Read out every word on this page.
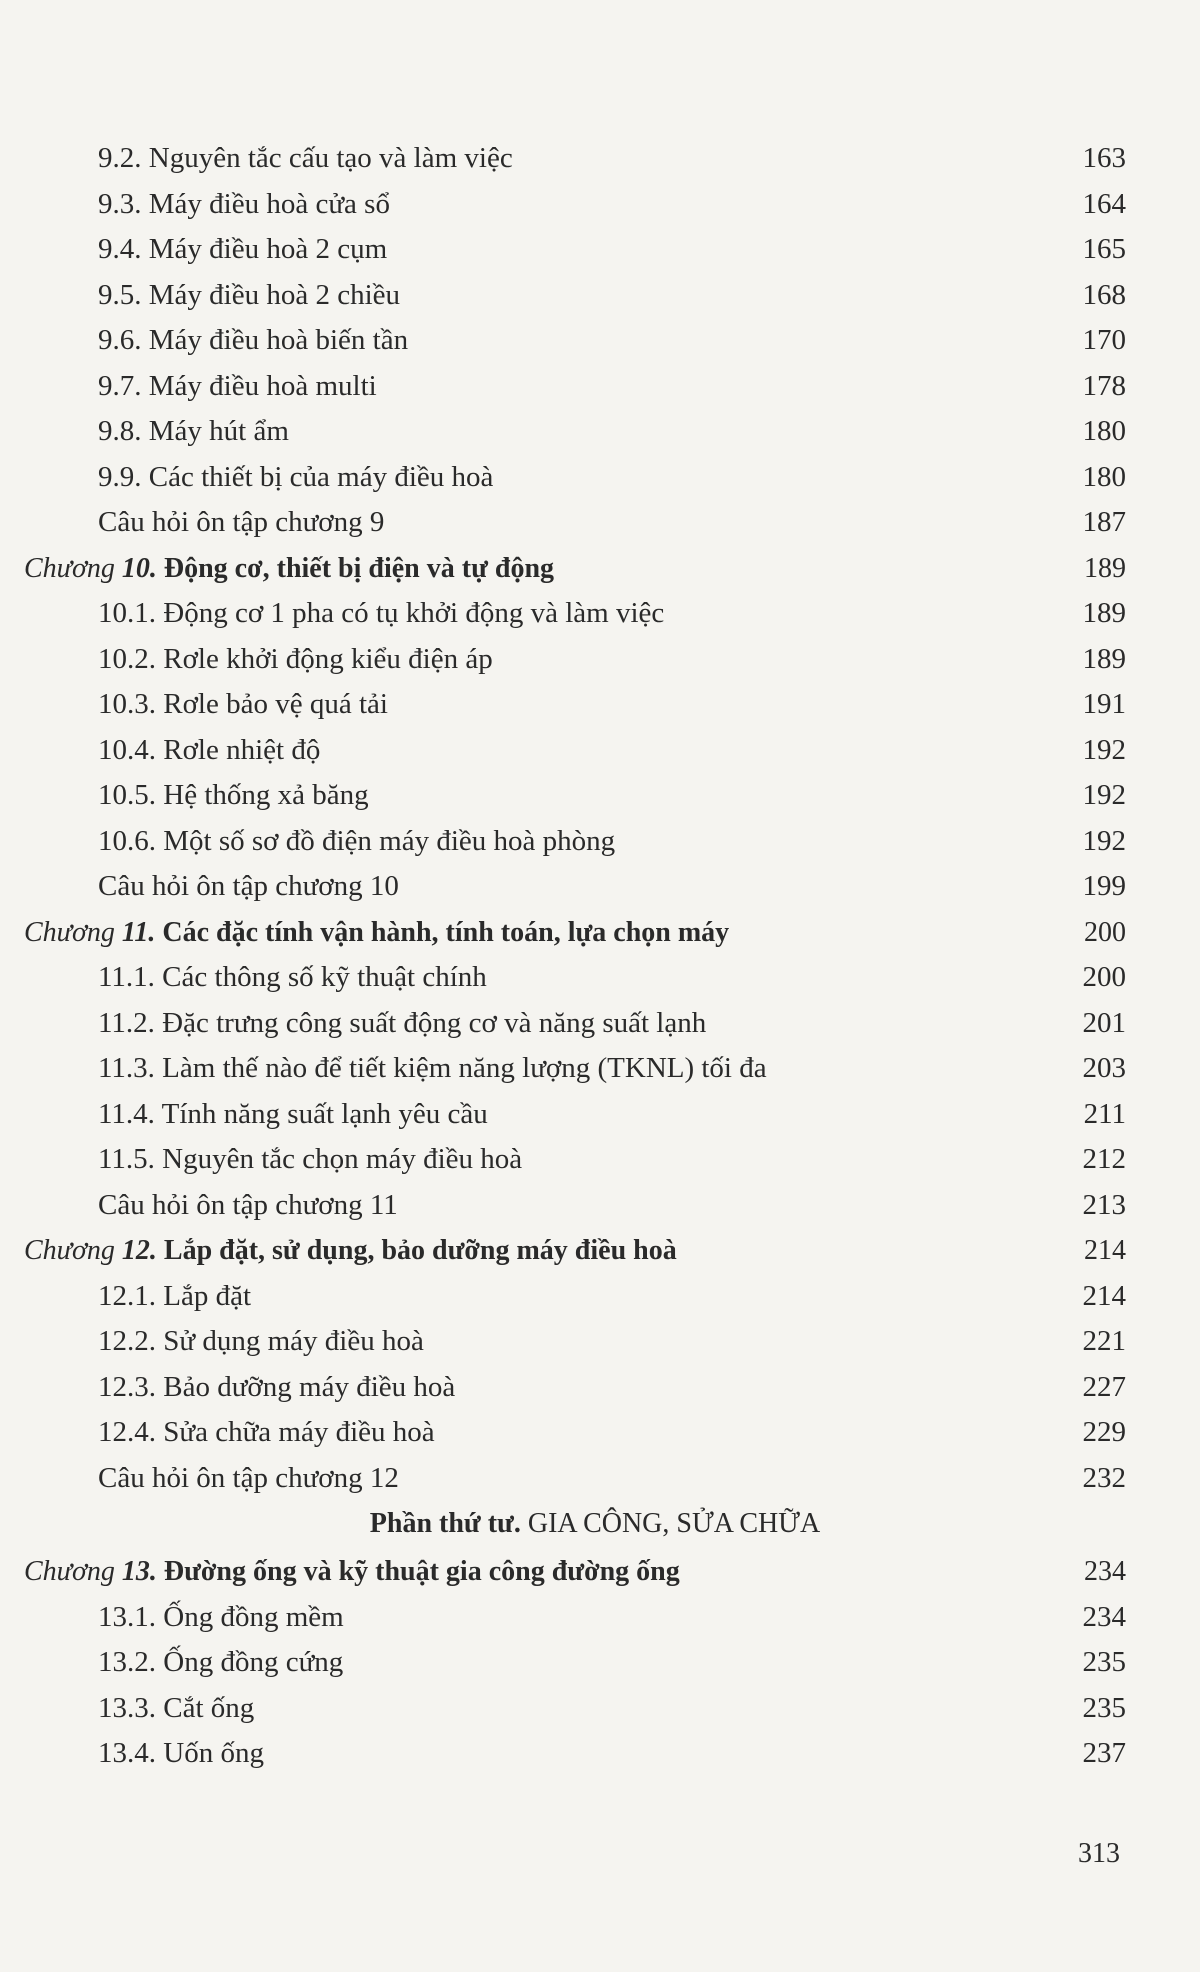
9.2. Nguyên tắc cấu tạo và làm việc	163
9.3. Máy điều hoà cửa sổ	164
9.4. Máy điều hoà 2 cụm	165
9.5. Máy điều hoà 2 chiều	168
9.6. Máy điều hoà biến tần	170
9.7. Máy điều hoà multi	178
9.8. Máy hút ẩm	180
9.9. Các thiết bị của máy điều hoà	180
Câu hỏi ôn tập chương 9	187
Chương 10. Động cơ, thiết bị điện và tự động	189
10.1. Động cơ 1 pha có tụ khởi động và làm việc	189
10.2. Rơle khởi động kiểu điện áp	189
10.3. Rơle bảo vệ quá tải	191
10.4. Rơle nhiệt độ	192
10.5. Hệ thống xả băng	192
10.6. Một số sơ đồ điện máy điều hoà phòng	192
Câu hỏi ôn tập chương 10	199
Chương 11. Các đặc tính vận hành, tính toán, lựa chọn máy	200
11.1. Các thông số kỹ thuật chính	200
11.2. Đặc trưng công suất động cơ và năng suất lạnh	201
11.3. Làm thế nào để tiết kiệm năng lượng (TKNL) tối đa	203
11.4. Tính năng suất lạnh yêu cầu	211
11.5. Nguyên tắc chọn máy điều hoà	212
Câu hỏi ôn tập chương 11	213
Chương 12. Lắp đặt, sử dụng, bảo dưỡng máy điều hoà	214
12.1. Lắp đặt	214
12.2. Sử dụng máy điều hoà	221
12.3. Bảo dưỡng máy điều hoà	227
12.4. Sửa chữa máy điều hoà	229
Câu hỏi ôn tập chương 12	232
Phần thứ tư. GIA CÔNG, SỬA CHỮA
Chương 13. Đường ống và kỹ thuật gia công đường ống	234
13.1. Ống đồng mềm	234
13.2. Ống đồng cứng	235
13.3. Cắt ống	235
13.4. Uốn ống	237
313
